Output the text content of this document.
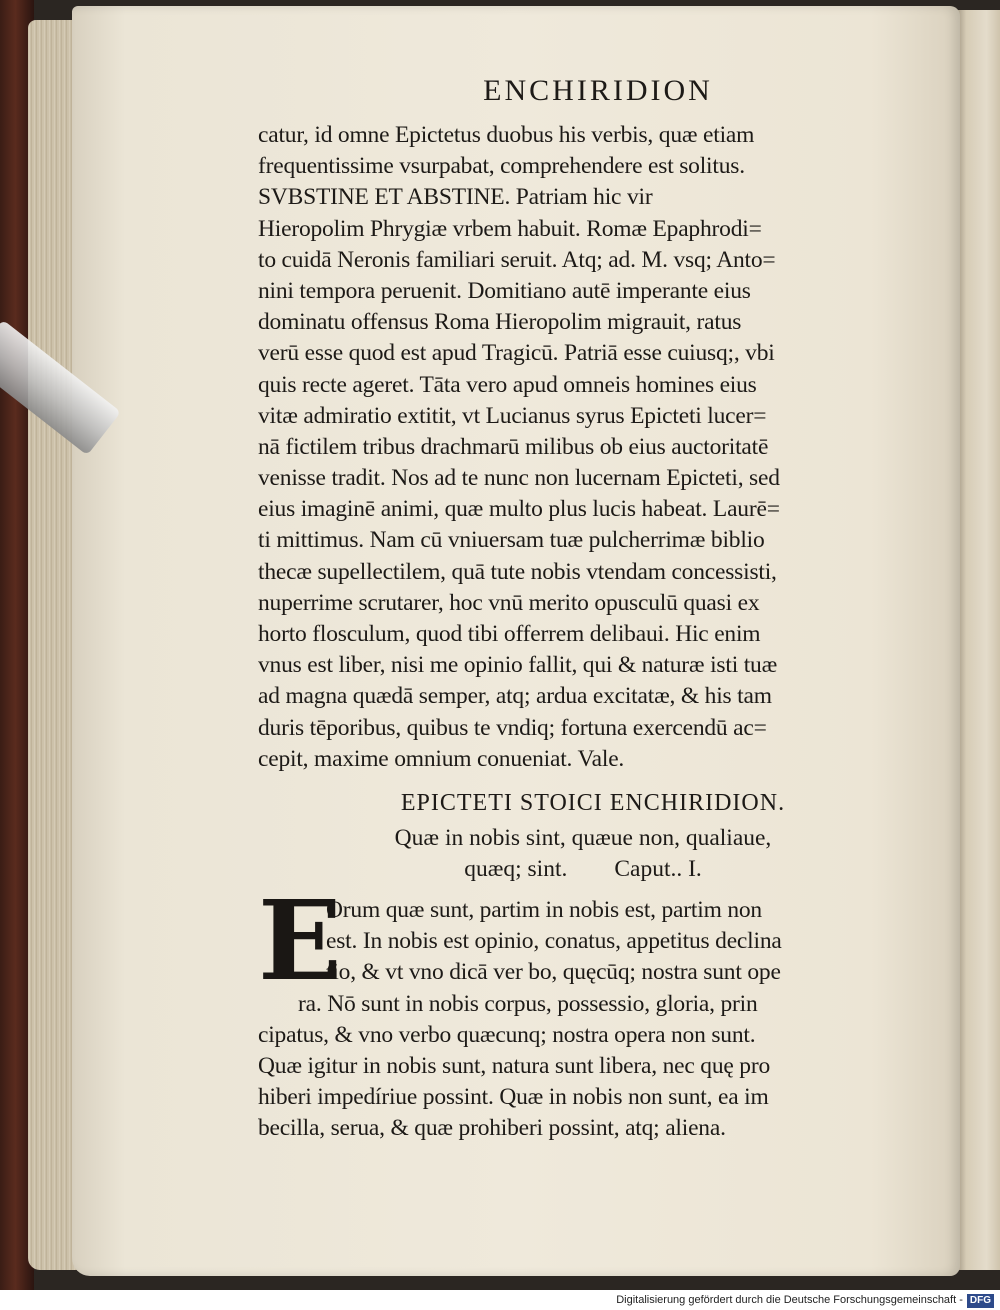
ENCHIRIDION
catur, id omne Epictetus duobus his verbis, quæ etiam
frequentissime vsurpabat, comprehendere est solitus.
SVBSTINE ET ABSTINE. Patriam hic vir
Hieropolim Phrygiæ vrbem habuit. Romæ Epaphrodi=
to cuidā Neronis familiari seruit. Atq; ad. M. vsq; Anto=
nini tempora peruenit. Domitiano autē imperante eius
dominatu offensus Roma Hieropolim migrauit, ratus
verū esse quod est apud Tragicū. Patriā esse cuiusq;, vbi
quis recte ageret. Tāta vero apud omneis homines eius
vitæ admiratio extitit, vt Lucianus syrus Epicteti lucer=
nā fictilem tribus drachmarū milibus ob eius auctoritatē
venisse tradit. Nos ad te nunc non lucernam Epicteti, sed
eius imaginē animi, quæ multo plus lucis habeat. Laurē=
ti mittimus. Nam cū vniuersam tuæ pulcherrimæ biblio
thecæ supellectilem, quā tute nobis vtendam concessisti,
nuperrime scrutarer, hoc vnū merito opusculū quasi ex
horto flosculum, quod tibi offerrem delibaui. Hic enim
vnus est liber, nisi me opinio fallit, qui & naturæ isti tuæ
ad magna quædā semper, atq; ardua excitatæ, & his tam
duris tēporibus, quibus te vndiq; fortuna exercendū ac=
cepit, maxime omnium conueniat. Vale.
EPICTETI STOICI ENCHIRIDION.
Quæ in nobis sint, quæue non, qualiaue,
quæq; sint.        Caput.. I.
E
Orum quæ sunt, partim in nobis est, partim non
est. In nobis est opinio, conatus, appetitus declina
tio, & vt vno dicā ver bo, quęcūq; nostra sunt ope
ra. Nō sunt in nobis corpus, possessio, gloria, prin
cipatus, & vno verbo quæcunq; nostra opera non sunt.
Quæ igitur in nobis sunt, natura sunt libera, nec quę pro
hiberi impedíriue possint. Quæ in nobis non sunt, ea im
becilla, serua, & quæ prohiberi possint, atq; aliena.
Digitalisierung gefördert durch die Deutsche Forschungsgemeinschaft - DFG
